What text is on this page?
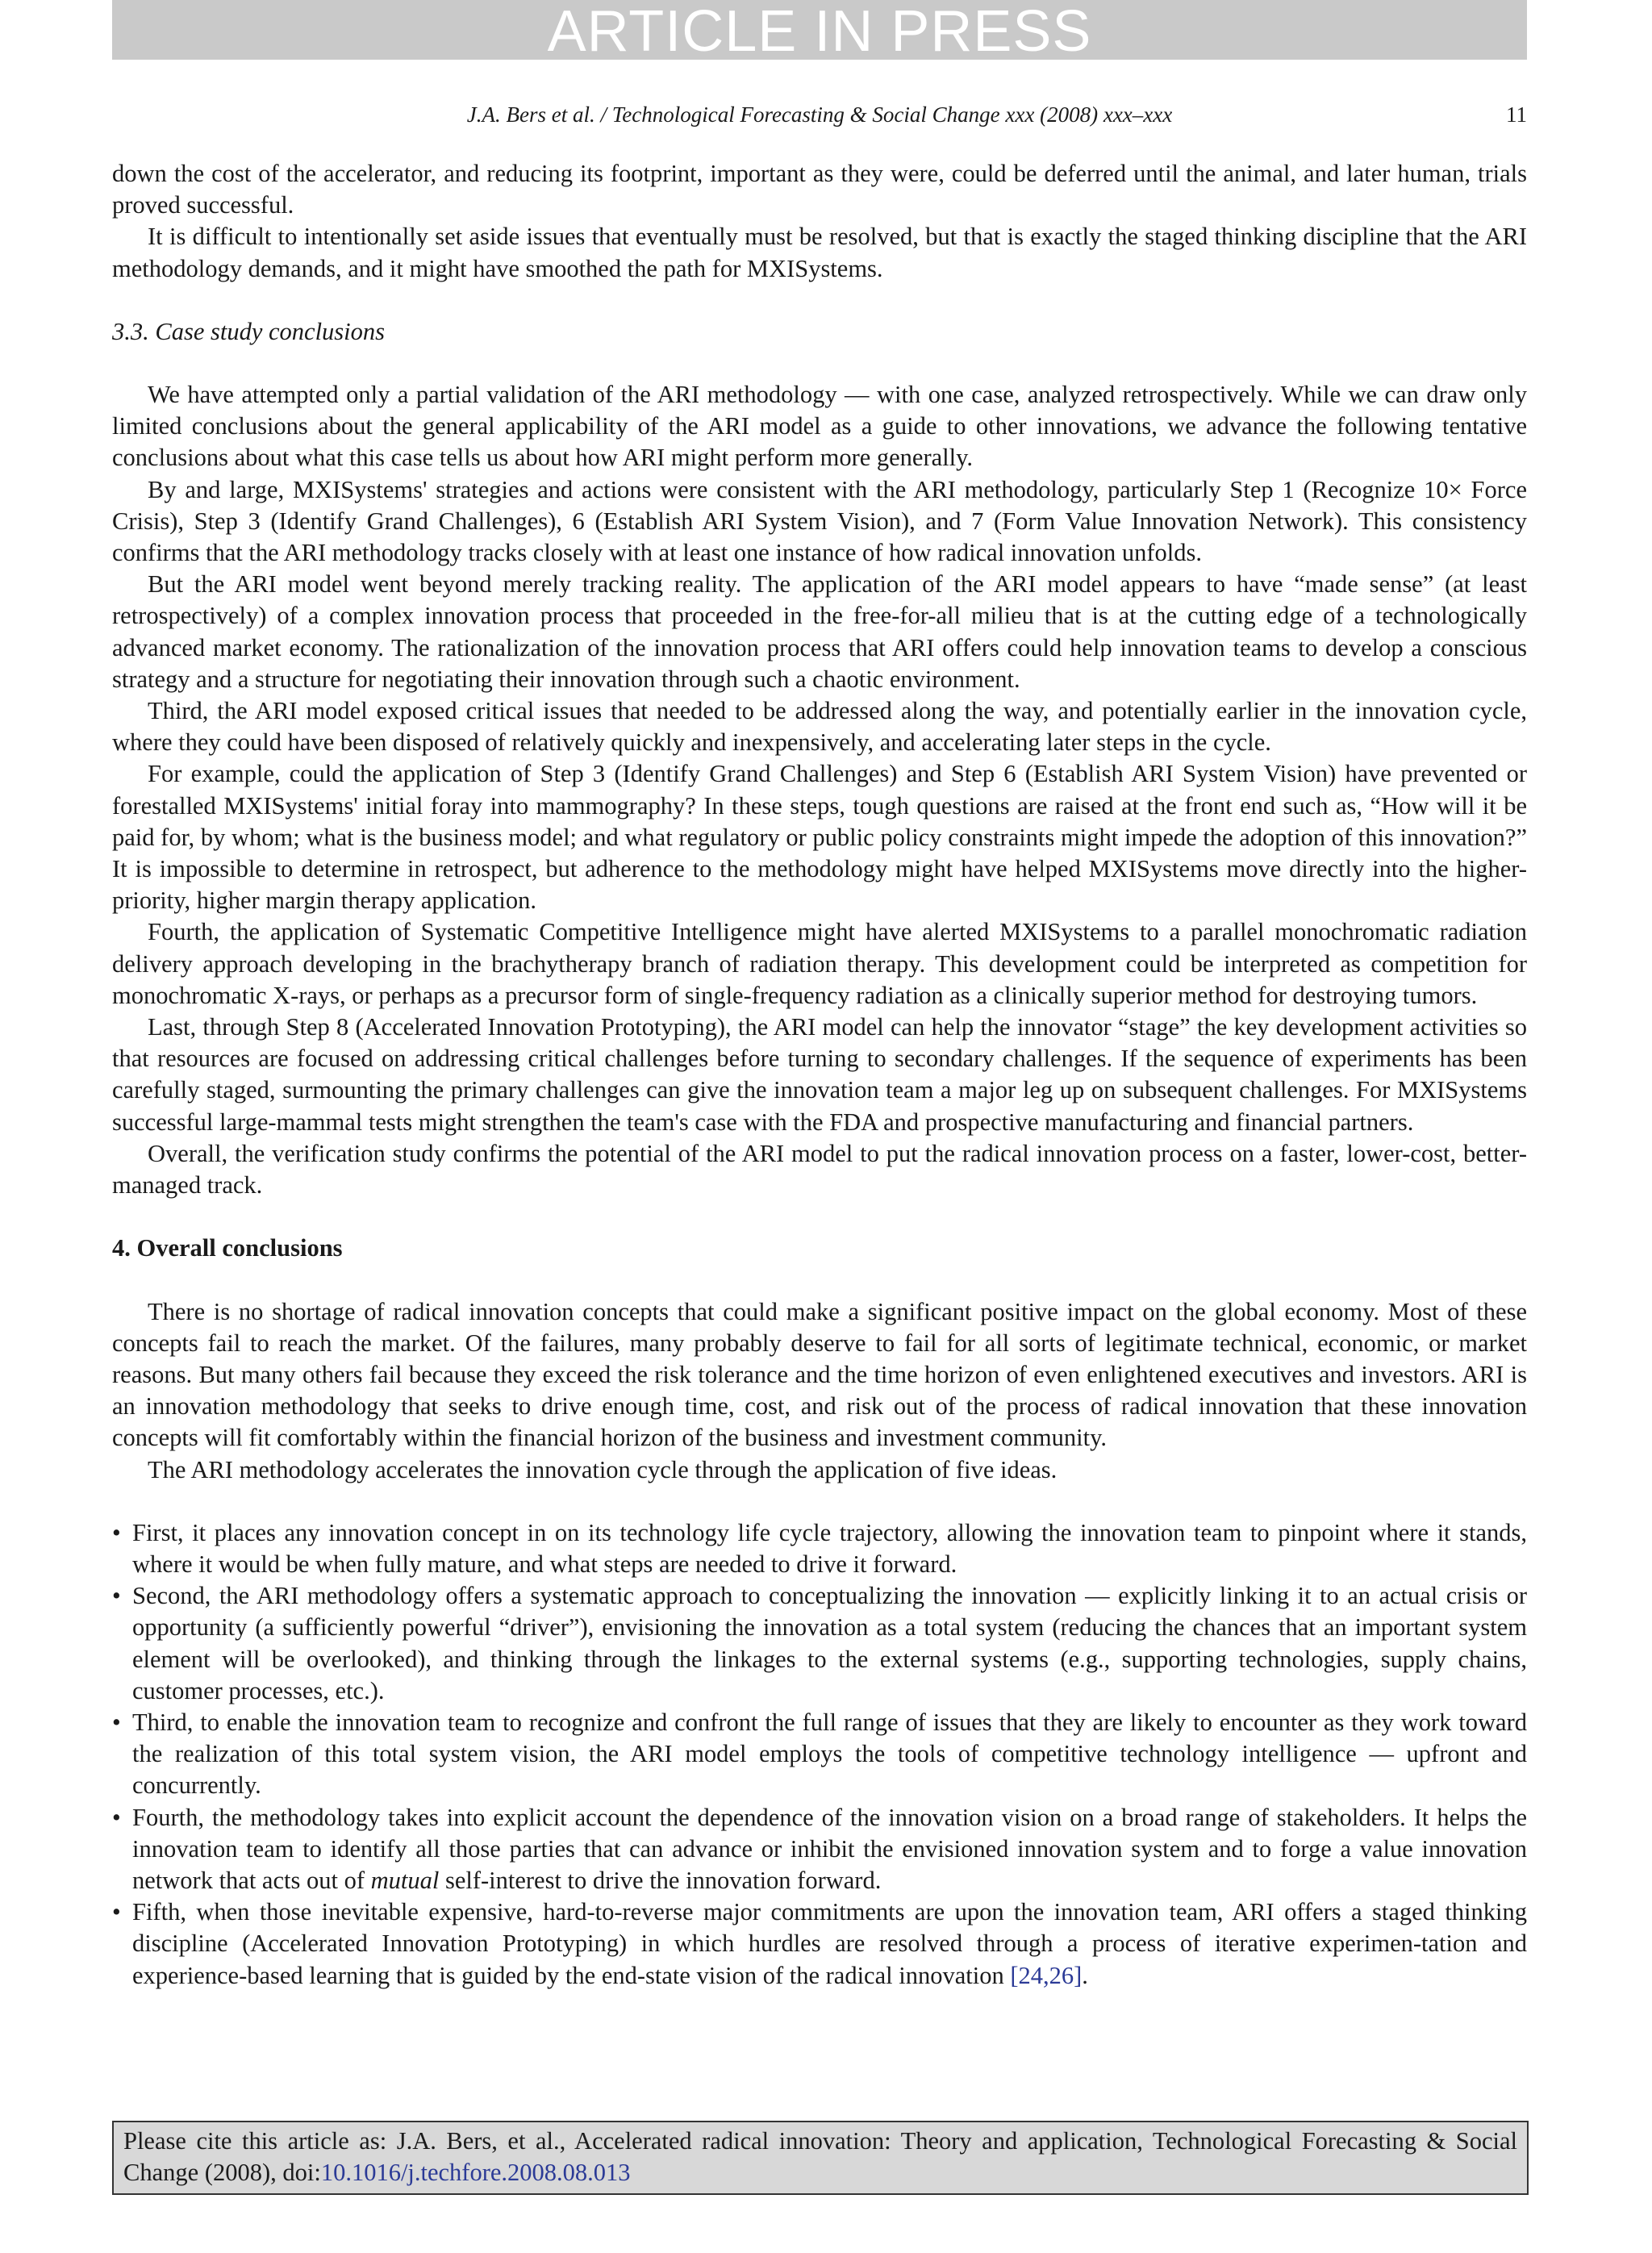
ARTICLE IN PRESS
J.A. Bers et al. / Technological Forecasting & Social Change xxx (2008) xxx–xxx	11

down the cost of the accelerator, and reducing its footprint, important as they were, could be deferred until the animal, and later human, trials proved successful.

It is difficult to intentionally set aside issues that eventually must be resolved, but that is exactly the staged thinking discipline that the ARI methodology demands, and it might have smoothed the path for MXISystems.

3.3. Case study conclusions

We have attempted only a partial validation of the ARI methodology — with one case, analyzed retrospectively. While we can draw only limited conclusions about the general applicability of the ARI model as a guide to other innovations, we advance the following tentative conclusions about what this case tells us about how ARI might perform more generally.

By and large, MXISystems' strategies and actions were consistent with the ARI methodology, particularly Step 1 (Recognize 10× Force Crisis), Step 3 (Identify Grand Challenges), 6 (Establish ARI System Vision), and 7 (Form Value Innovation Network). This consistency confirms that the ARI methodology tracks closely with at least one instance of how radical innovation unfolds.

But the ARI model went beyond merely tracking reality. The application of the ARI model appears to have “made sense” (at least retrospectively) of a complex innovation process that proceeded in the free-for-all milieu that is at the cutting edge of a technologically advanced market economy. The rationalization of the innovation process that ARI offers could help innovation teams to develop a conscious strategy and a structure for negotiating their innovation through such a chaotic environment.

Third, the ARI model exposed critical issues that needed to be addressed along the way, and potentially earlier in the innovation cycle, where they could have been disposed of relatively quickly and inexpensively, and accelerating later steps in the cycle.

For example, could the application of Step 3 (Identify Grand Challenges) and Step 6 (Establish ARI System Vision) have prevented or forestalled MXISystems' initial foray into mammography? In these steps, tough questions are raised at the front end such as, “How will it be paid for, by whom; what is the business model; and what regulatory or public policy constraints might impede the adoption of this innovation?” It is impossible to determine in retrospect, but adherence to the methodology might have helped MXISystems move directly into the higher-priority, higher margin therapy application.

Fourth, the application of Systematic Competitive Intelligence might have alerted MXISystems to a parallel monochromatic radiation delivery approach developing in the brachytherapy branch of radiation therapy. This development could be interpreted as competition for monochromatic X-rays, or perhaps as a precursor form of single-frequency radiation as a clinically superior method for destroying tumors.

Last, through Step 8 (Accelerated Innovation Prototyping), the ARI model can help the innovator “stage” the key development activities so that resources are focused on addressing critical challenges before turning to secondary challenges. If the sequence of experiments has been carefully staged, surmounting the primary challenges can give the innovation team a major leg up on subsequent challenges. For MXISystems successful large-mammal tests might strengthen the team's case with the FDA and prospective manufacturing and financial partners.

Overall, the verification study confirms the potential of the ARI model to put the radical innovation process on a faster, lower-cost, better-managed track.

4. Overall conclusions

There is no shortage of radical innovation concepts that could make a significant positive impact on the global economy. Most of these concepts fail to reach the market. Of the failures, many probably deserve to fail for all sorts of legitimate technical, economic, or market reasons. But many others fail because they exceed the risk tolerance and the time horizon of even enlightened executives and investors. ARI is an innovation methodology that seeks to drive enough time, cost, and risk out of the process of radical innovation that these innovation concepts will fit comfortably within the financial horizon of the business and investment community.

The ARI methodology accelerates the innovation cycle through the application of five ideas.

• First, it places any innovation concept in on its technology life cycle trajectory, allowing the innovation team to pinpoint where it stands, where it would be when fully mature, and what steps are needed to drive it forward.
• Second, the ARI methodology offers a systematic approach to conceptualizing the innovation — explicitly linking it to an actual crisis or opportunity (a sufficiently powerful “driver”), envisioning the innovation as a total system (reducing the chances that an important system element will be overlooked), and thinking through the linkages to the external systems (e.g., supporting technologies, supply chains, customer processes, etc.).
• Third, to enable the innovation team to recognize and confront the full range of issues that they are likely to encounter as they work toward the realization of this total system vision, the ARI model employs the tools of competitive technology intelligence — upfront and concurrently.
• Fourth, the methodology takes into explicit account the dependence of the innovation vision on a broad range of stakeholders. It helps the innovation team to identify all those parties that can advance or inhibit the envisioned innovation system and to forge a value innovation network that acts out of mutual self-interest to drive the innovation forward.
• Fifth, when those inevitable expensive, hard-to-reverse major commitments are upon the innovation team, ARI offers a staged thinking discipline (Accelerated Innovation Prototyping) in which hurdles are resolved through a process of iterative experimen-tation and experience-based learning that is guided by the end-state vision of the radical innovation [24,26].
Please cite this article as: J.A. Bers, et al., Accelerated radical innovation: Theory and application, Technological Forecasting & Social Change (2008), doi:10.1016/j.techfore.2008.08.013
